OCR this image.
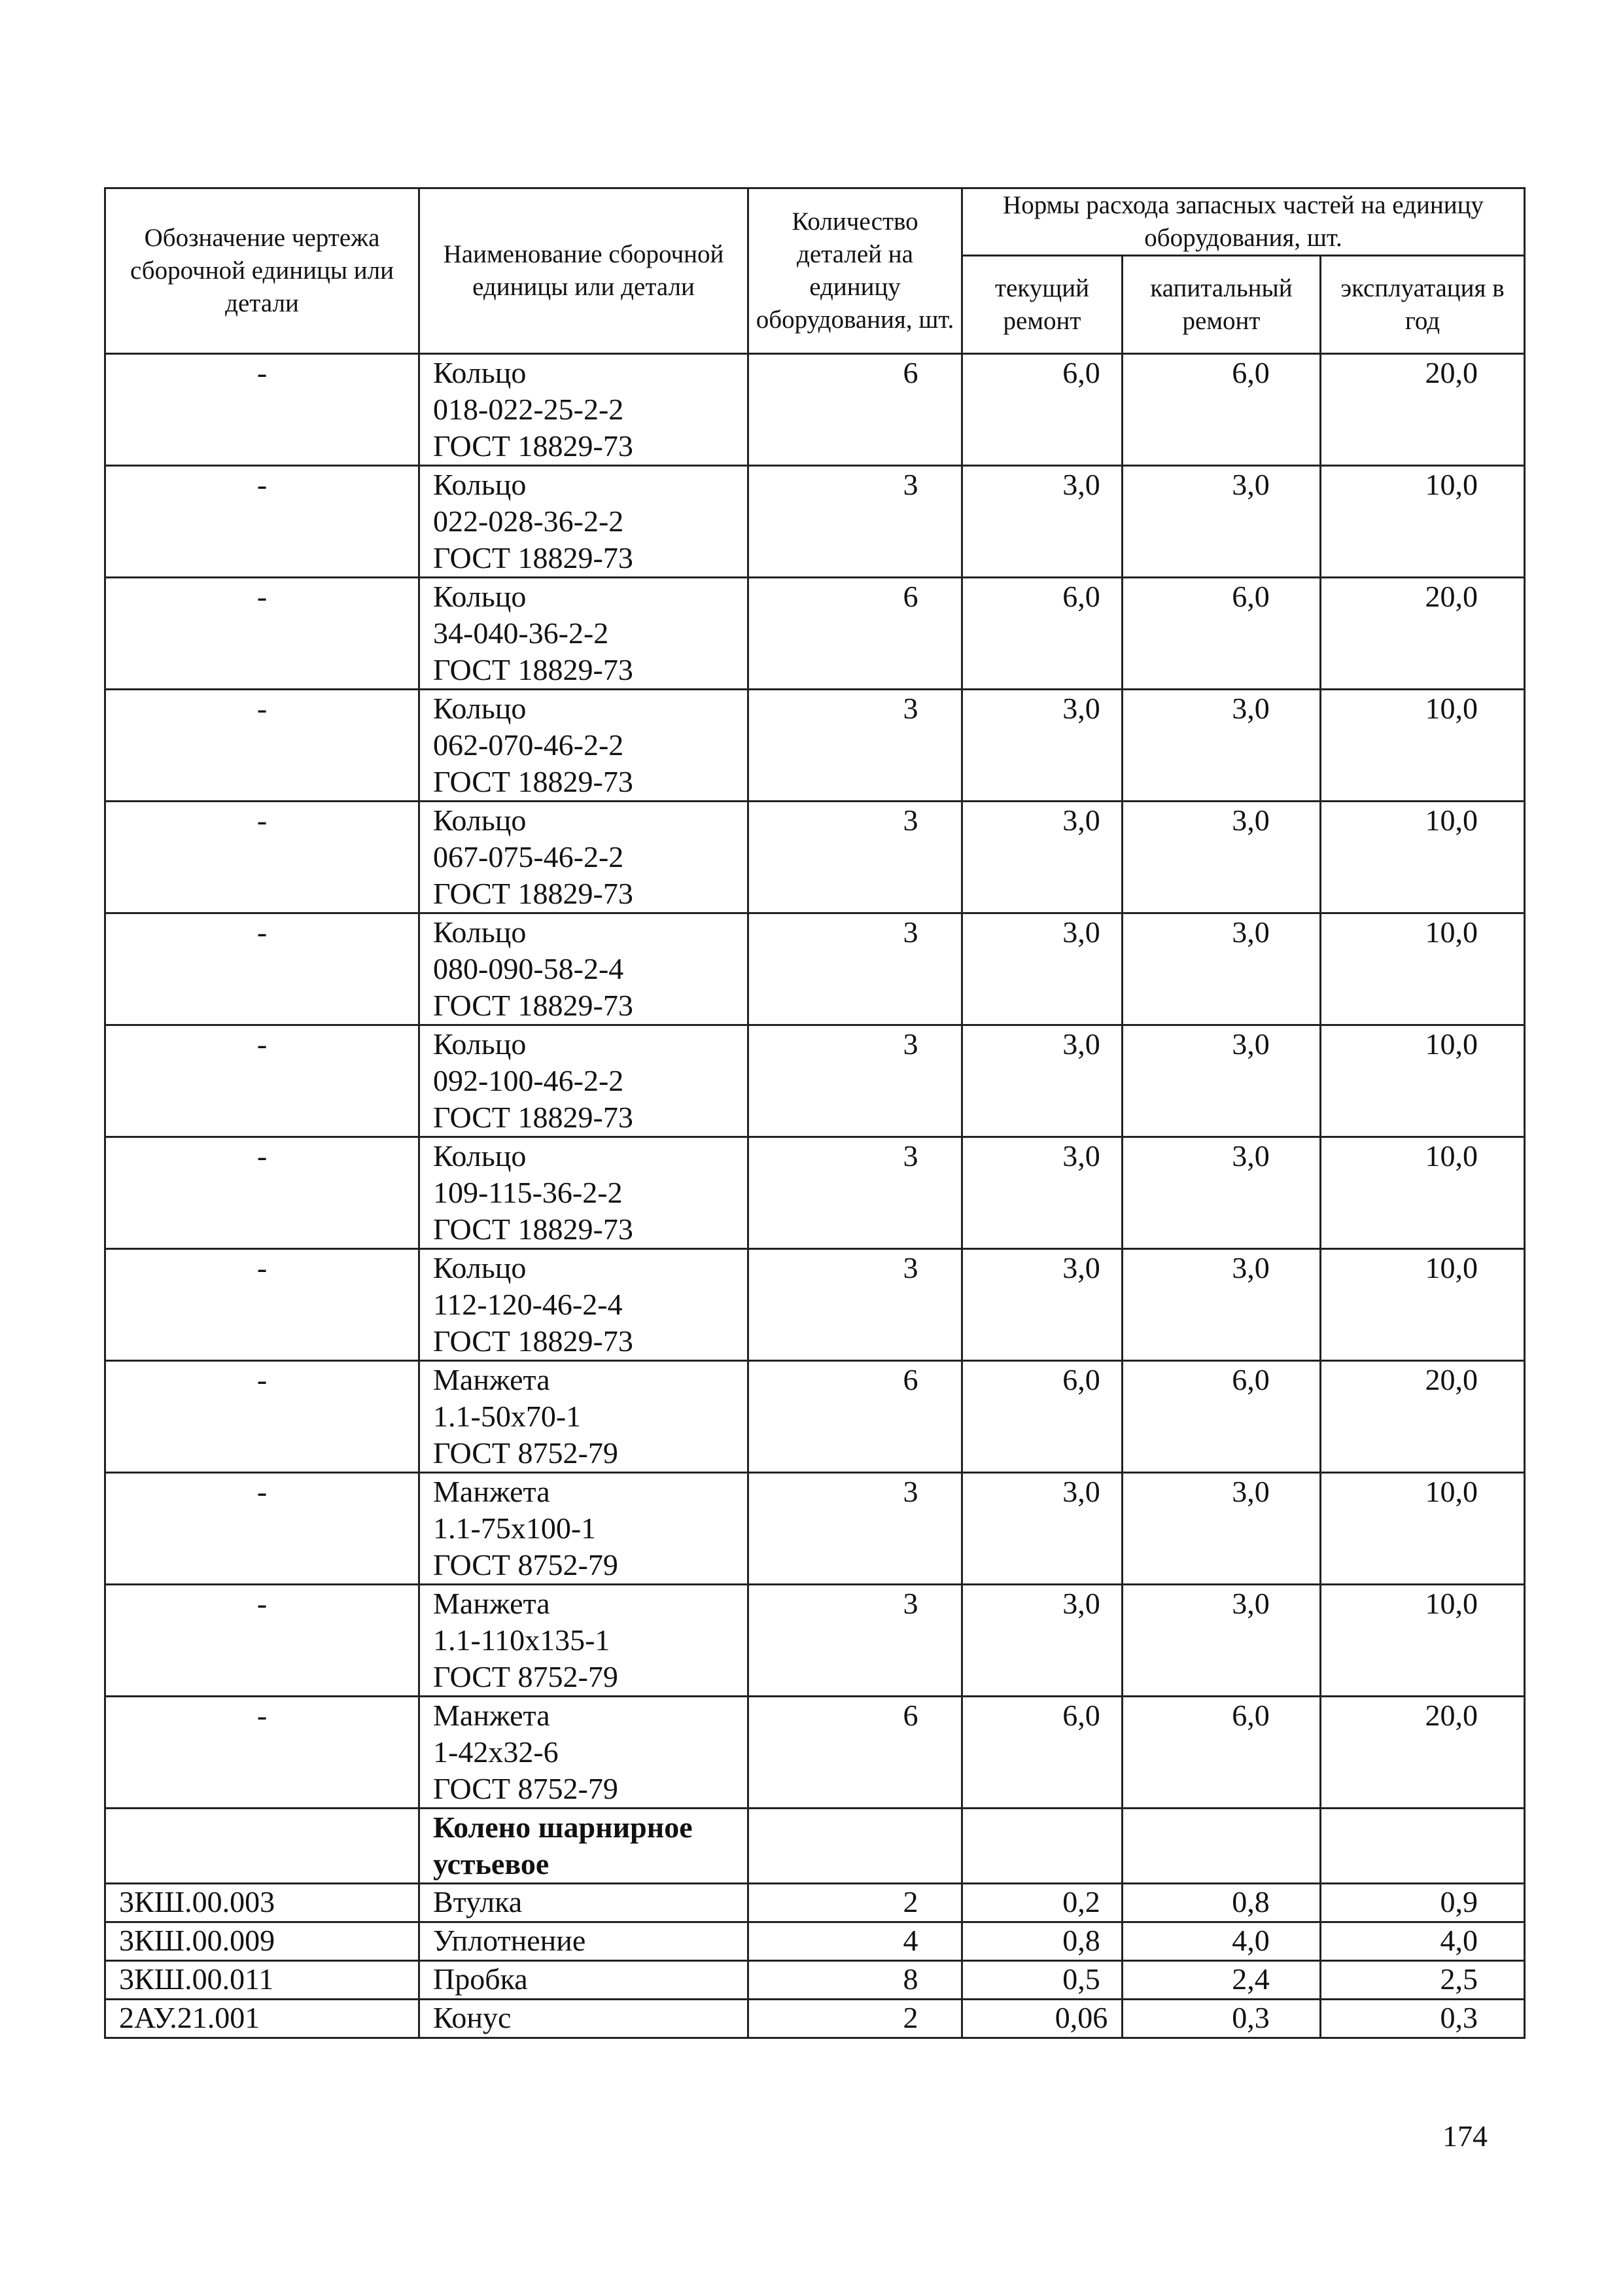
Обозначение чертежа сборочной единицы или детали	Наименование сборочной единицы или детали	Количество деталей на единицу оборудования, шт.	Нормы расхода запасных частей на единицу оборудования, шт.		
			текущий ремонт	капитальный ремонт	эксплуатация в год
-	Кольцо
018-022-25-2-2
ГОСТ 18829-73	6	6,0	6,0	20,0
-	Кольцо
022-028-36-2-2
ГОСТ 18829-73	3	3,0	3,0	10,0
-	Кольцо
34-040-36-2-2
ГОСТ 18829-73	6	6,0	6,0	20,0
-	Кольцо
062-070-46-2-2
ГОСТ 18829-73	3	3,0	3,0	10,0
-	Кольцо
067-075-46-2-2
ГОСТ 18829-73	3	3,0	3,0	10,0
-	Кольцо
080-090-58-2-4
ГОСТ 18829-73	3	3,0	3,0	10,0
-	Кольцо
092-100-46-2-2
ГОСТ 18829-73	3	3,0	3,0	10,0
-	Кольцо
109-115-36-2-2
ГОСТ 18829-73	3	3,0	3,0	10,0
-	Кольцо
112-120-46-2-4
ГОСТ 18829-73	3	3,0	3,0	10,0
-	Манжета
1.1-50x70-1
ГОСТ 8752-79	6	6,0	6,0	20,0
-	Манжета
1.1-75x100-1
ГОСТ 8752-79	3	3,0	3,0	10,0
-	Манжета
1.1-110x135-1
ГОСТ 8752-79	3	3,0	3,0	10,0
-	Манжета
1-42x32-6
ГОСТ 8752-79	6	6,0	6,0	20,0

	Колено шарнирное
устьевое				

3КШ.00.003	Втулка	2	0,2	0,8	0,9
3КШ.00.009	Уплотнение	4	0,8	4,0	4,0
3КШ.00.011	Пробка	8	0,5	2,4	2,5
2АУ.21.001	Конус	2	0,06	0,3	0,3
174
